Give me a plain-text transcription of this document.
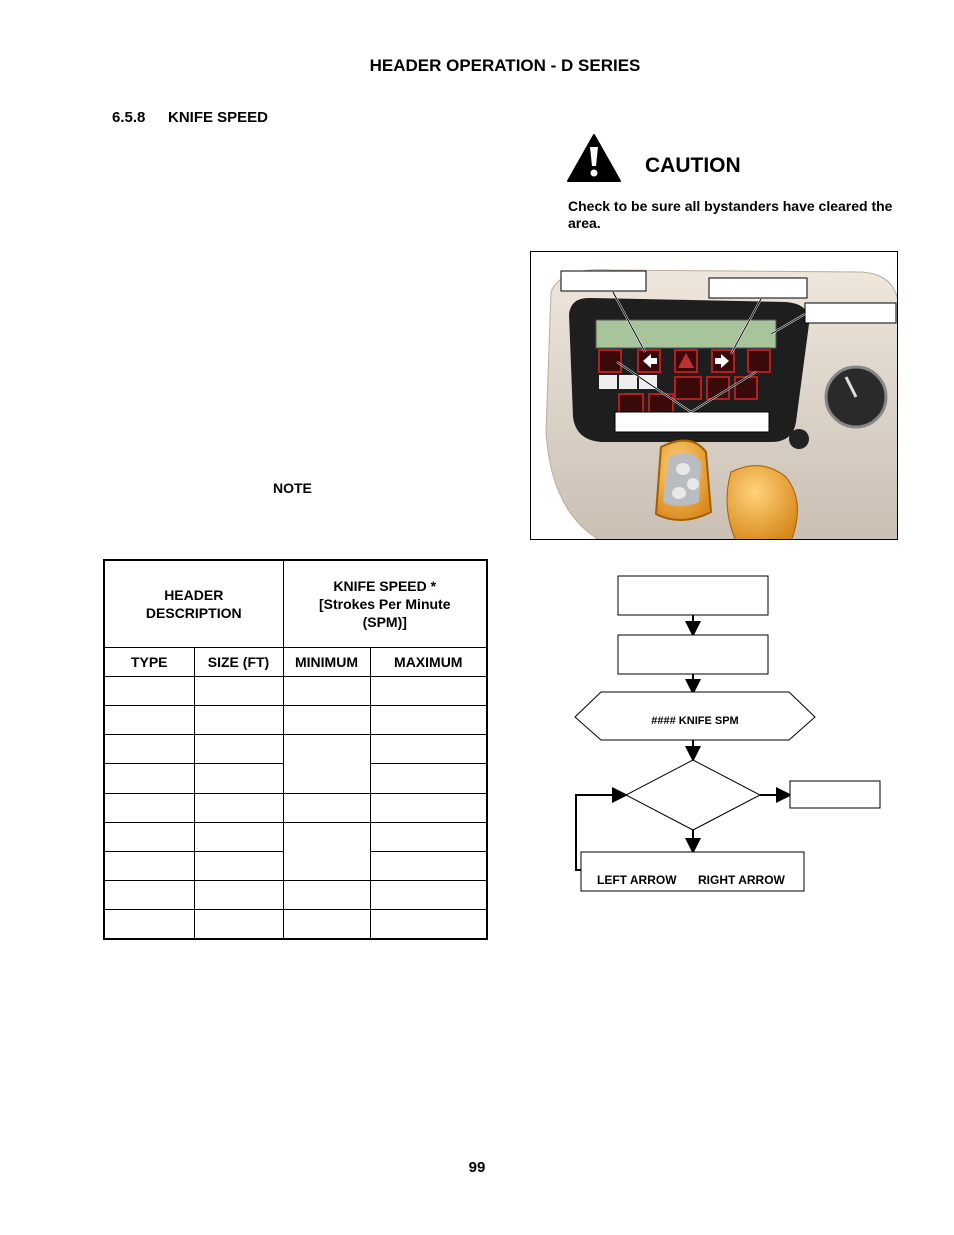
HEADER OPERATION - D SERIES
6.5.8 KNIFE SPEED
NOTE
CAUTION
Check to be sure all bystanders have cleared the area.
HEADER
DESCRIPTION		KNIFE SPEED *
[Strokes Per Minute
(SPM)]	
TYPE	SIZE (FT)	MINIMUM	MAXIMUM

#### KNIFE SPM
LEFT ARROW RIGHT ARROW
99
